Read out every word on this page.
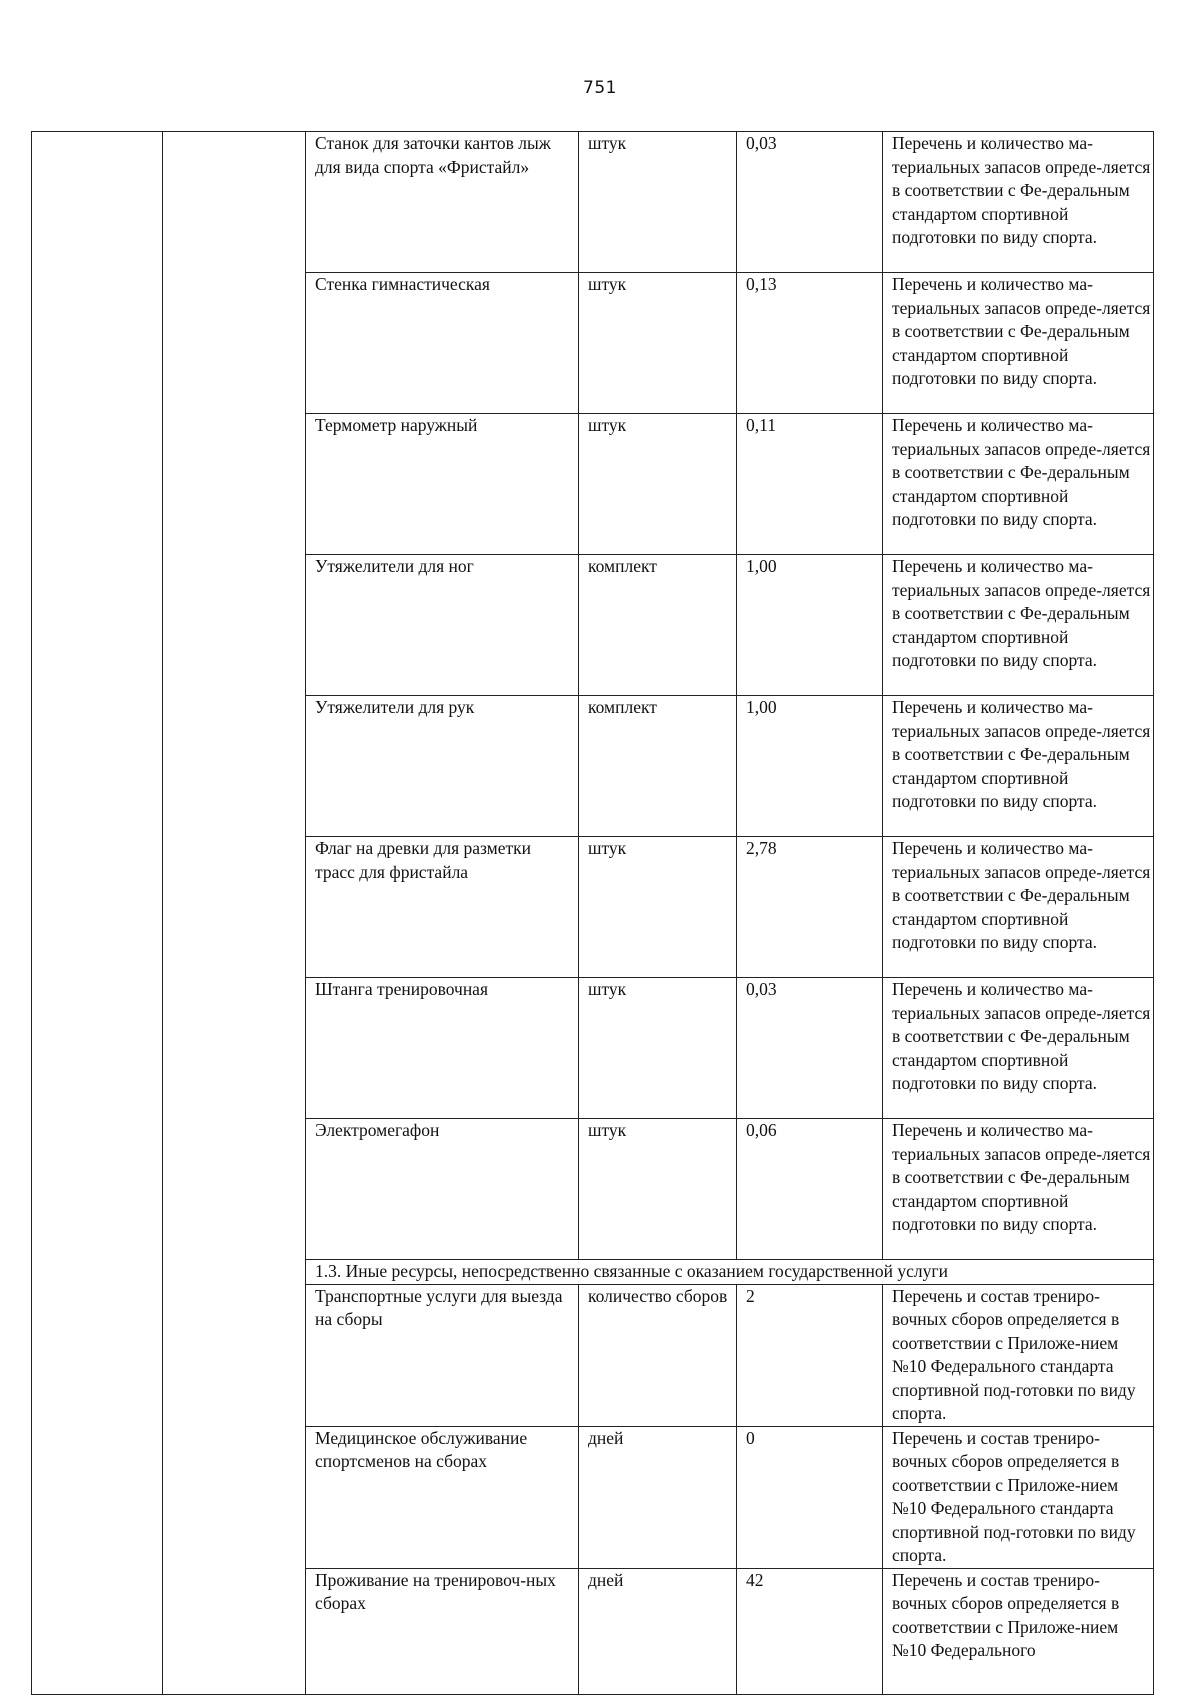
751
		Станок для заточки кантов лыж для вида спорта «Фристайл»	штук	0,03	Перечень и количество ма-териальных запасов опреде-ляется в соответствии с Фе-деральным стандартом спортивной подготовки по виду спорта.
		Стенка гимнастическая	штук	0,13	Перечень и количество ма-териальных запасов опреде-ляется в соответствии с Фе-деральным стандартом спортивной подготовки по виду спорта.
		Термометр наружный	штук	0,11	Перечень и количество ма-териальных запасов опреде-ляется в соответствии с Фе-деральным стандартом спортивной подготовки по виду спорта.
		Утяжелители для ног	комплект	1,00	Перечень и количество ма-териальных запасов опреде-ляется в соответствии с Фе-деральным стандартом спортивной подготовки по виду спорта.
		Утяжелители для рук	комплект	1,00	Перечень и количество ма-териальных запасов опреде-ляется в соответствии с Фе-деральным стандартом спортивной подготовки по виду спорта.
		Флаг на древки для разметки трасс для фристайла	штук	2,78	Перечень и количество ма-териальных запасов опреде-ляется в соответствии с Фе-деральным стандартом спортивной подготовки по виду спорта.
		Штанга тренировочная	штук	0,03	Перечень и количество ма-териальных запасов опреде-ляется в соответствии с Фе-деральным стандартом спортивной подготовки по виду спорта.
		Электромегафон	штук	0,06	Перечень и количество ма-териальных запасов опреде-ляется в соответствии с Фе-деральным стандартом спортивной подготовки по виду спорта.
		1.3. Иные ресурсы, непосредственно связанные с оказанием государственной услуги			
		Транспортные услуги для выезда на сборы	количество сборов	2	Перечень и состав трениро-вочных сборов определяется в соответствии с Приложе-нием №10 Федерального стандарта спортивной под-готовки по виду спорта.
		Медицинское обслуживание спортсменов на сборах	дней	0	Перечень и состав трениро-вочных сборов определяется в соответствии с Приложе-нием №10 Федерального стандарта спортивной под-готовки по виду спорта.
		Проживание на тренировоч-ных сборах	дней	42	Перечень и состав трениро-вочных сборов определяется в соответствии с Приложе-нием №10 Федерального
